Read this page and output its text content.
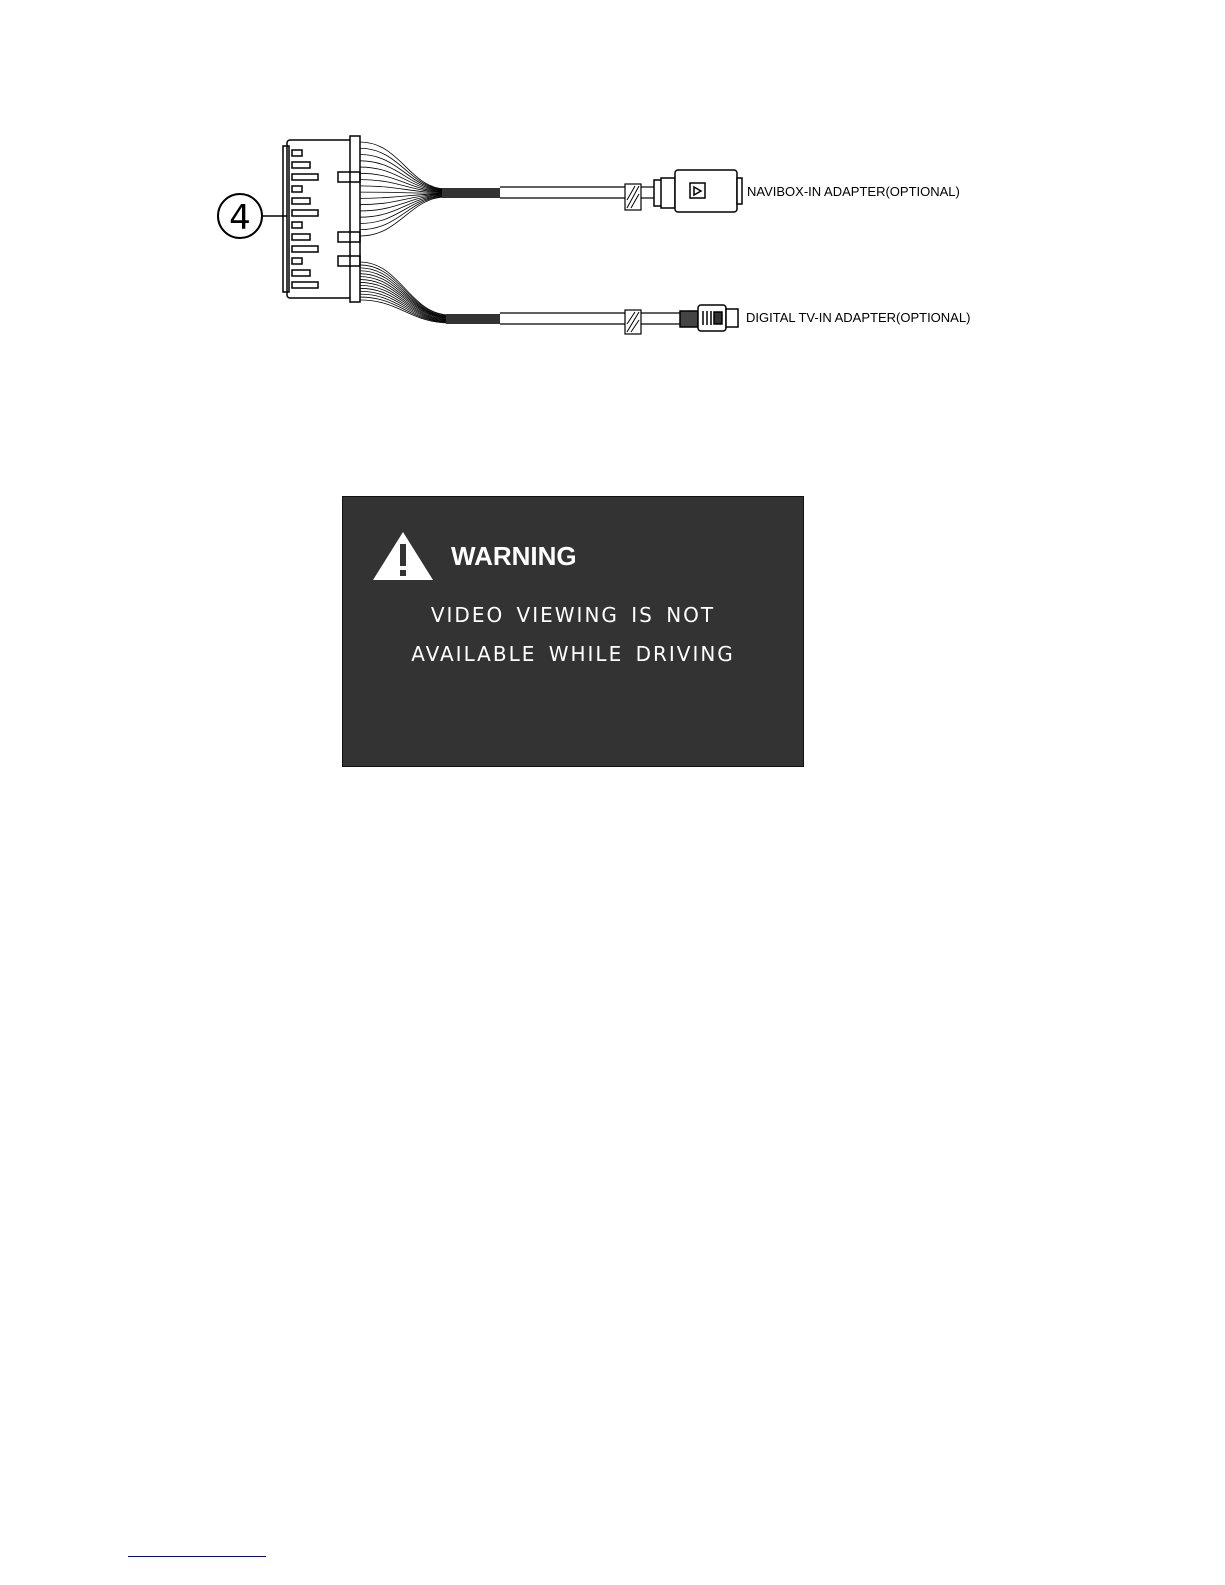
4
NAVIBOX-IN ADAPTER(OPTIONAL)
DIGITAL TV-IN ADAPTER(OPTIONAL)
WARNING
VIDEO VIEWING IS NOT
AVAILABLE WHILE DRIVING
